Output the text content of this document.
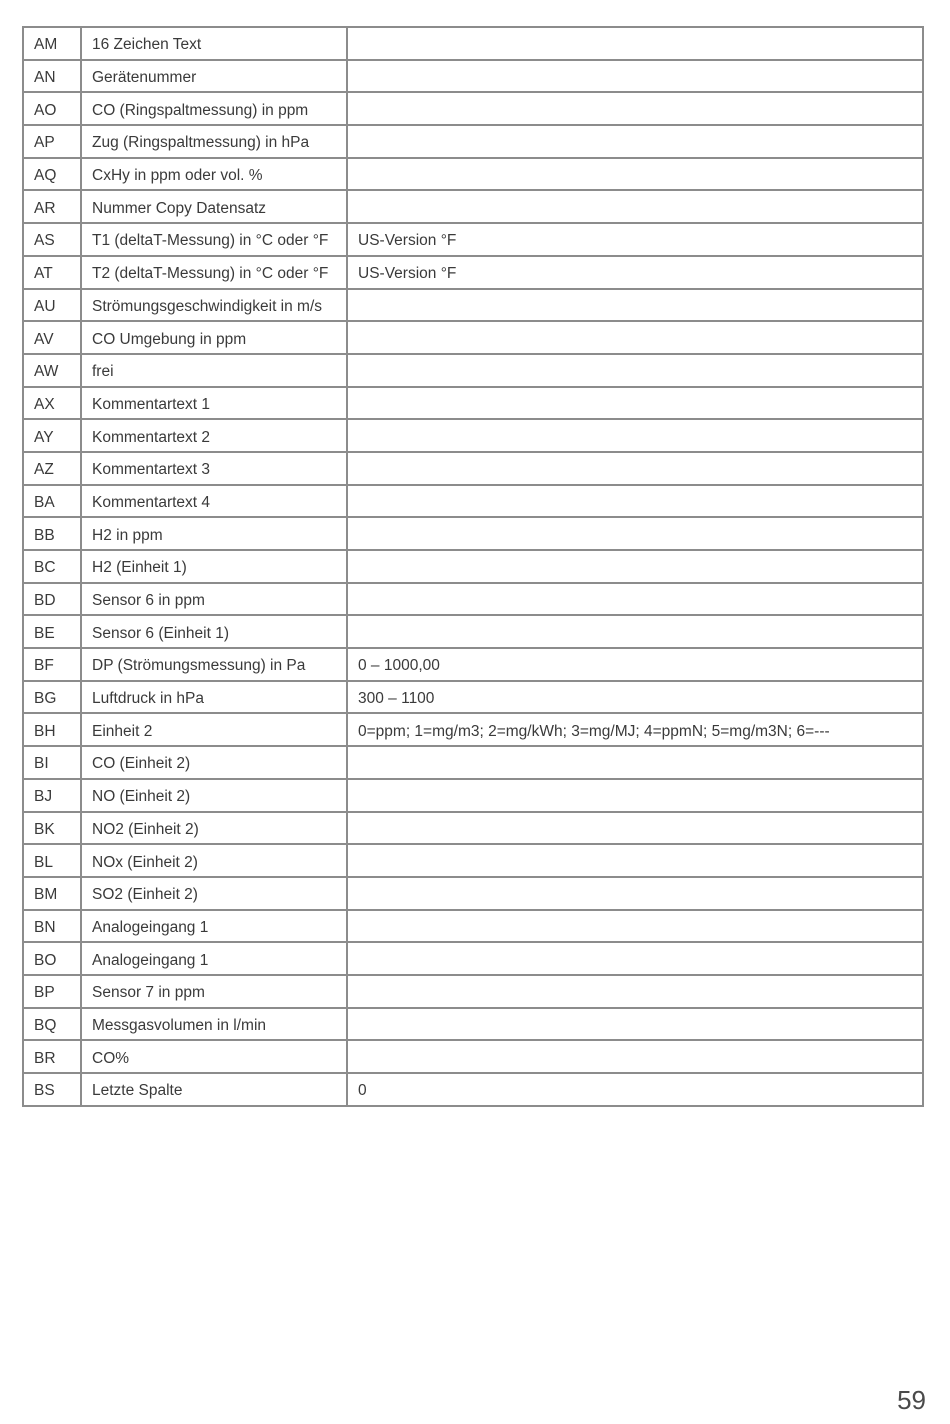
AM	16 Zeichen Text	
AN	Gerätenummer	
AO	CO (Ringspaltmessung) in ppm	
AP	Zug (Ringspaltmessung) in hPa	
AQ	CxHy in ppm oder vol. %	
AR	Nummer Copy Datensatz	
AS	T1 (deltaT-Messung) in °C oder °F	US-Version °F
AT	T2 (deltaT-Messung) in °C oder °F	US-Version °F
AU	Strömungsgeschwindigkeit in m/s	
AV	CO Umgebung in ppm	
AW	frei	
AX	Kommentartext 1	
AY	Kommentartext 2	
AZ	Kommentartext 3	
BA	Kommentartext 4	
BB	H2 in ppm	
BC	H2 (Einheit 1)	
BD	Sensor 6 in ppm	
BE	Sensor 6 (Einheit 1)	
BF	DP (Strömungsmessung) in Pa	0 – 1000,00
BG	Luftdruck in hPa	300 – 1100
BH	Einheit 2	0=ppm; 1=mg/m3; 2=mg/kWh; 3=mg/MJ; 4=ppmN; 5=mg/m3N; 6=---
BI	CO (Einheit 2)	
BJ	NO (Einheit 2)	
BK	NO2 (Einheit 2)	
BL	NOx (Einheit 2)	
BM	SO2 (Einheit 2)	
BN	Analogeingang 1	
BO	Analogeingang 1	
BP	Sensor 7 in ppm	
BQ	Messgasvolumen in l/min	
BR	CO%	
BS	Letzte Spalte	0
59
